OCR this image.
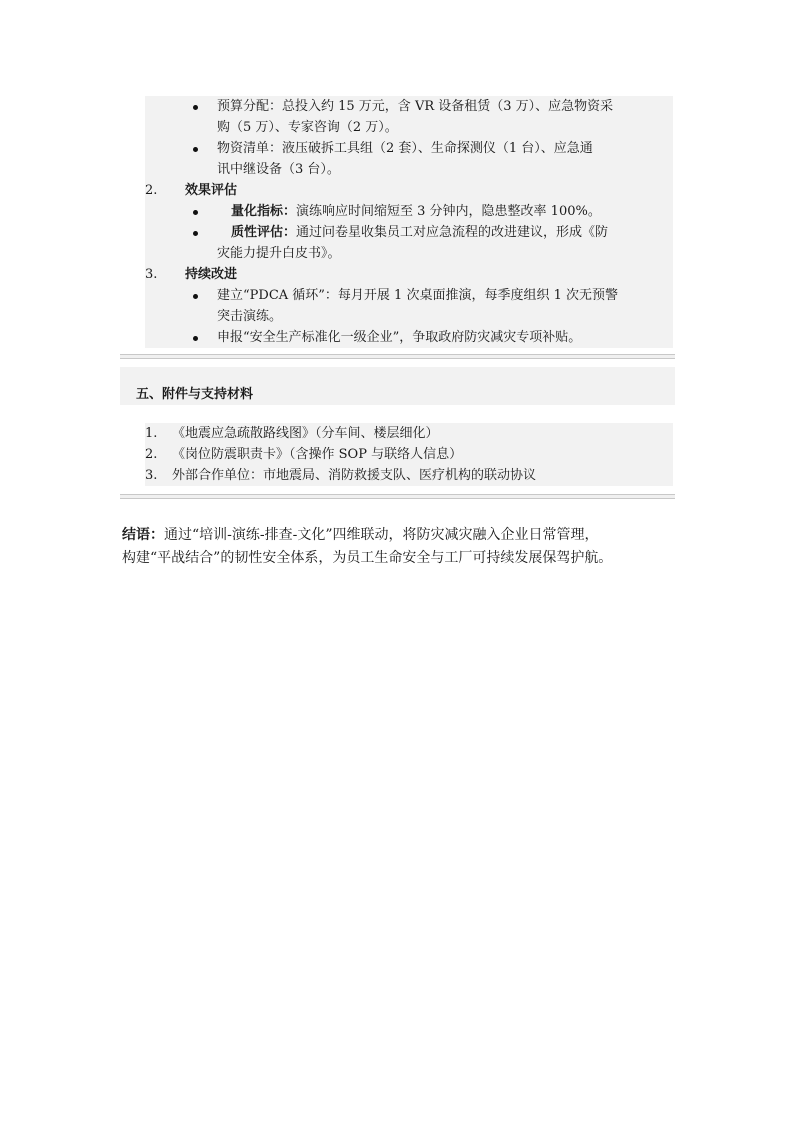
预算分配：总投入约 15 万元，含 VR 设备租赁（3 万）、应急物资采
购（5 万）、专家咨询（2 万）。
物资清单：液压破拆工具组（2 套）、生命探测仪（1 台）、应急通
讯中继设备（3 台）。
2. 效果评估
量化指标：演练响应时间缩短至 3 分钟内，隐患整改率 100%。
质性评估：通过问卷星收集员工对应急流程的改进建议，形成《防
灾能力提升白皮书》。
3. 持续改进
建立“PDCA 循环”：每月开展 1 次桌面推演，每季度组织 1 次无预警
突击演练。
申报“安全生产标准化一级企业”，争取政府防灾减灾专项补贴。
五、附件与支持材料
1. 《地震应急疏散路线图》（分车间、楼层细化）
2. 《岗位防震职责卡》（含操作 SOP 与联络人信息）
3. 外部合作单位：市地震局、消防救援支队、医疗机构的联动协议
结语：通过“培训-演练-排查-文化”四维联动，将防灾减灾融入企业日常管理，
构建“平战结合”的韧性安全体系，为员工生命安全与工厂可持续发展保驾护航。
